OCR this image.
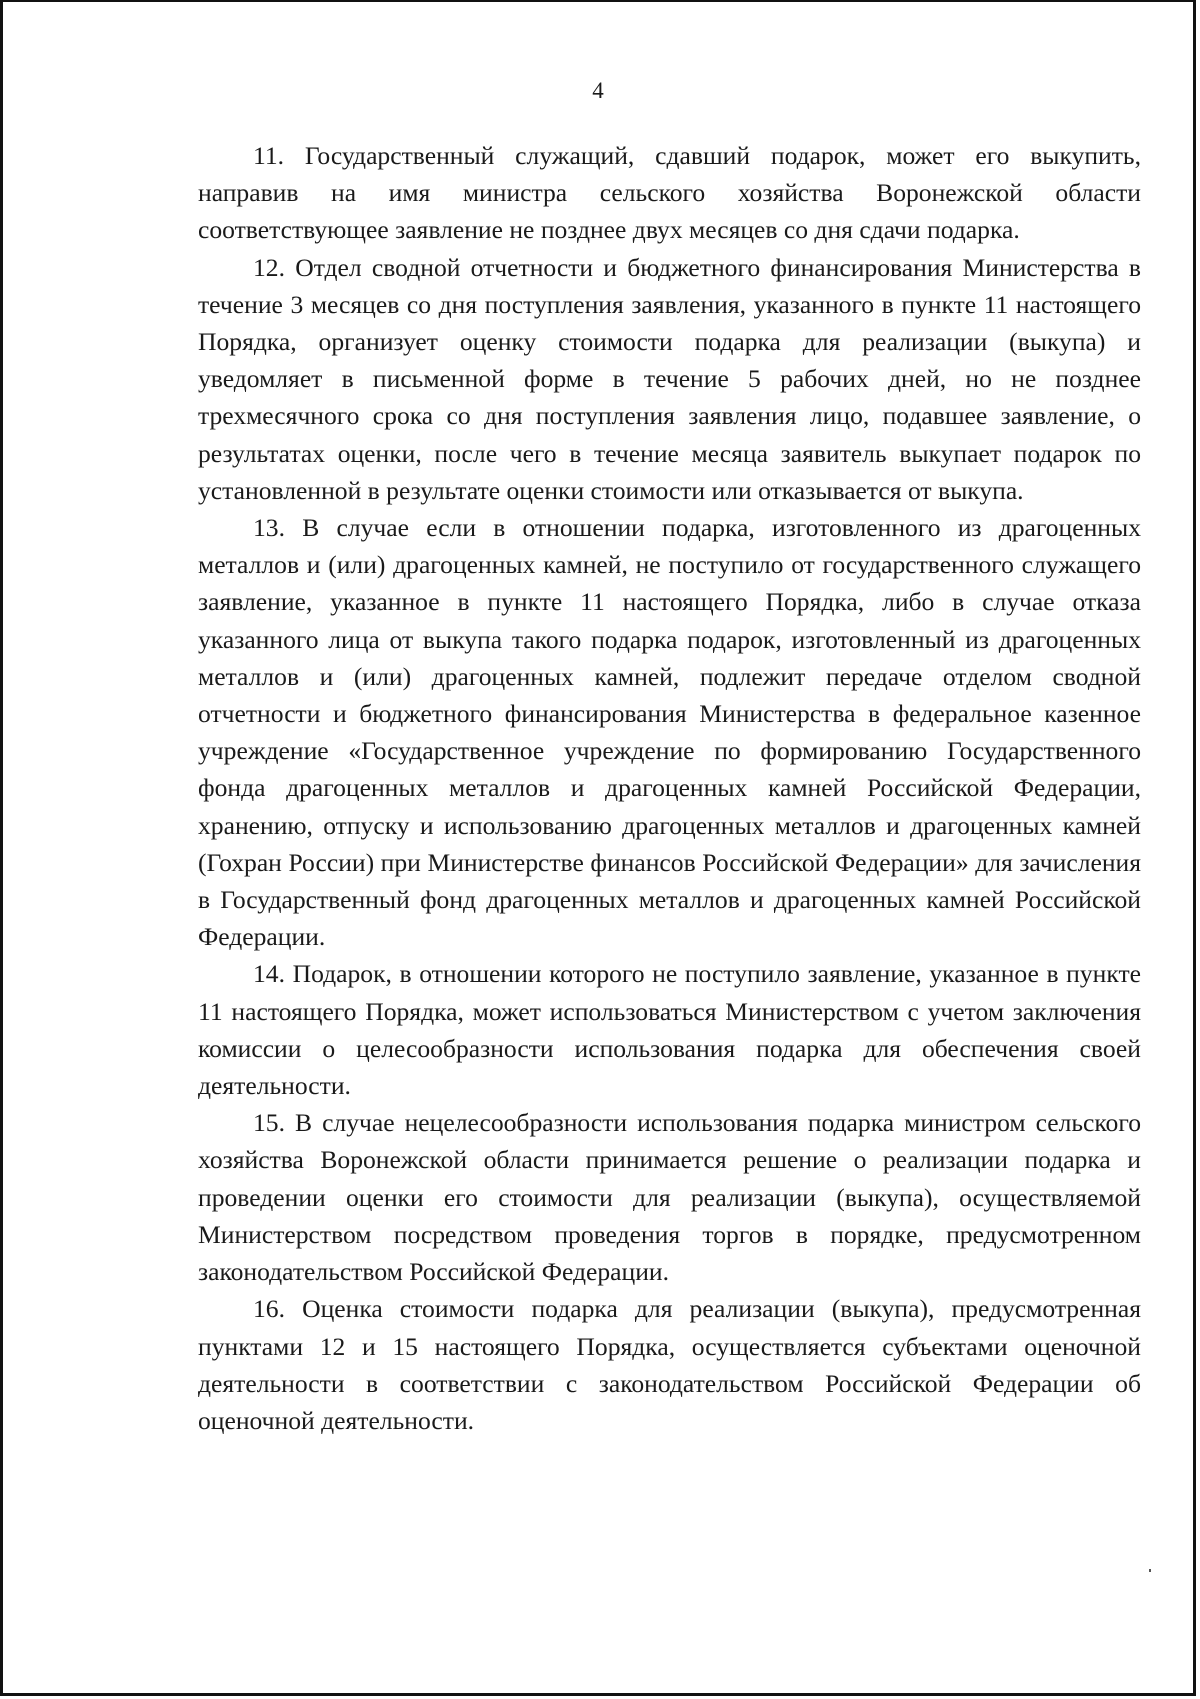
4

11. Государственный служащий, сдавший подарок, может его выкупить, направив на имя министра сельского хозяйства Воронежской области соответствующее заявление не позднее двух месяцев со дня сдачи подарка.

12. Отдел сводной отчетности и бюджетного финансирования Министерства в течение 3 месяцев со дня поступления заявления, указанного в пункте 11 настоящего Порядка, организует оценку стоимости подарка для реализации (выкупа) и уведомляет в письменной форме в течение 5 рабочих дней, но не позднее трехмесячного срока со дня поступления заявления лицо, подавшее заявление, о результатах оценки, после чего в течение месяца заявитель выкупает подарок по установленной в результате оценки стоимости или отказывается от выкупа.

13. В случае если в отношении подарка, изготовленного из драгоценных металлов и (или) драгоценных камней, не поступило от государственного служащего заявление, указанное в пункте 11 настоящего Порядка, либо в случае отказа указанного лица от выкупа такого подарка подарок, изготовленный из драгоценных металлов и (или) драгоценных камней, подлежит передаче отделом сводной отчетности и бюджетного финансирования Министерства в федеральное казенное учреждение «Государственное учреждение по формированию Государственного фонда драгоценных металлов и драгоценных камней Российской Федерации, хранению, отпуску и использованию драгоценных металлов и драгоценных камней (Гохран России) при Министерстве финансов Российской Федерации» для зачисления в Государственный фонд драгоценных металлов и драгоценных камней Российской Федерации.

14. Подарок, в отношении которого не поступило заявление, указанное в пункте 11 настоящего Порядка, может использоваться Министерством с учетом заключения комиссии о целесообразности использования подарка для обеспечения своей деятельности.

15. В случае нецелесообразности использования подарка министром сельского хозяйства Воронежской области принимается решение о реализации подарка и проведении оценки его стоимости для реализации (выкупа), осуществляемой Министерством посредством проведения торгов в порядке, предусмотренном законодательством Российской Федерации.

16. Оценка стоимости подарка для реализации (выкупа), предусмотренная пунктами 12 и 15 настоящего Порядка, осуществляется субъектами оценочной деятельности в соответствии с законодательством Российской Федерации об оценочной деятельности.
